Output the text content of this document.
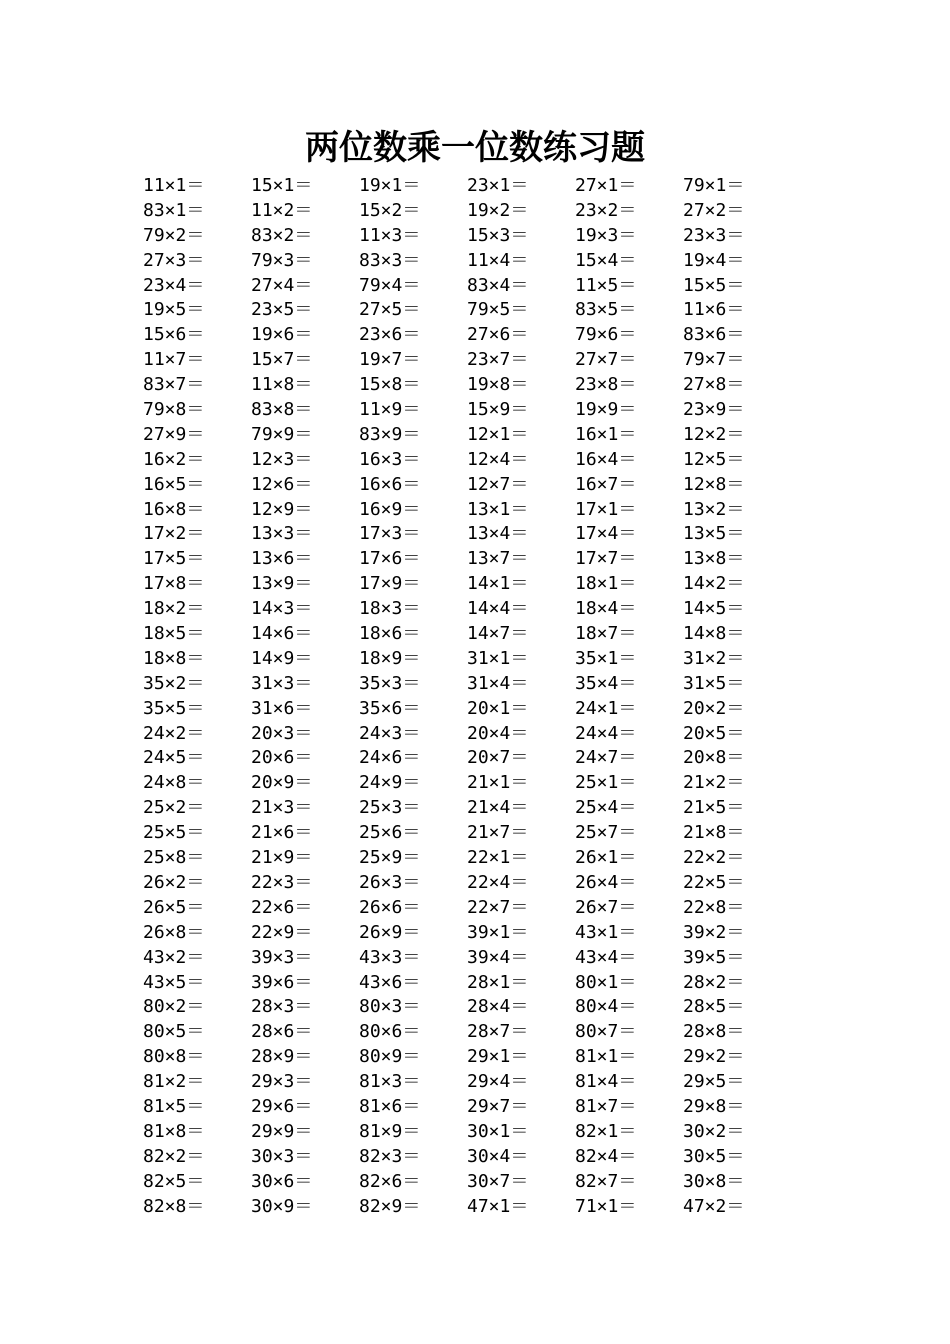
两位数乘一位数练习题
11×1＝	15×1＝	19×1＝	23×1＝	27×1＝	79×1＝
83×1＝	11×2＝	15×2＝	19×2＝	23×2＝	27×2＝
79×2＝	83×2＝	11×3＝	15×3＝	19×3＝	23×3＝
27×3＝	79×3＝	83×3＝	11×4＝	15×4＝	19×4＝
23×4＝	27×4＝	79×4＝	83×4＝	11×5＝	15×5＝
19×5＝	23×5＝	27×5＝	79×5＝	83×5＝	11×6＝
15×6＝	19×6＝	23×6＝	27×6＝	79×6＝	83×6＝
11×7＝	15×7＝	19×7＝	23×7＝	27×7＝	79×7＝
83×7＝	11×8＝	15×8＝	19×8＝	23×8＝	27×8＝
79×8＝	83×8＝	11×9＝	15×9＝	19×9＝	23×9＝
27×9＝	79×9＝	83×9＝	12×1＝	16×1＝	12×2＝
16×2＝	12×3＝	16×3＝	12×4＝	16×4＝	12×5＝
16×5＝	12×6＝	16×6＝	12×7＝	16×7＝	12×8＝
16×8＝	12×9＝	16×9＝	13×1＝	17×1＝	13×2＝
17×2＝	13×3＝	17×3＝	13×4＝	17×4＝	13×5＝
17×5＝	13×6＝	17×6＝	13×7＝	17×7＝	13×8＝
17×8＝	13×9＝	17×9＝	14×1＝	18×1＝	14×2＝
18×2＝	14×3＝	18×3＝	14×4＝	18×4＝	14×5＝
18×5＝	14×6＝	18×6＝	14×7＝	18×7＝	14×8＝
18×8＝	14×9＝	18×9＝	31×1＝	35×1＝	31×2＝
35×2＝	31×3＝	35×3＝	31×4＝	35×4＝	31×5＝
35×5＝	31×6＝	35×6＝	20×1＝	24×1＝	20×2＝
24×2＝	20×3＝	24×3＝	20×4＝	24×4＝	20×5＝
24×5＝	20×6＝	24×6＝	20×7＝	24×7＝	20×8＝
24×8＝	20×9＝	24×9＝	21×1＝	25×1＝	21×2＝
25×2＝	21×3＝	25×3＝	21×4＝	25×4＝	21×5＝
25×5＝	21×6＝	25×6＝	21×7＝	25×7＝	21×8＝
25×8＝	21×9＝	25×9＝	22×1＝	26×1＝	22×2＝
26×2＝	22×3＝	26×3＝	22×4＝	26×4＝	22×5＝
26×5＝	22×6＝	26×6＝	22×7＝	26×7＝	22×8＝
26×8＝	22×9＝	26×9＝	39×1＝	43×1＝	39×2＝
43×2＝	39×3＝	43×3＝	39×4＝	43×4＝	39×5＝
43×5＝	39×6＝	43×6＝	28×1＝	80×1＝	28×2＝
80×2＝	28×3＝	80×3＝	28×4＝	80×4＝	28×5＝
80×5＝	28×6＝	80×6＝	28×7＝	80×7＝	28×8＝
80×8＝	28×9＝	80×9＝	29×1＝	81×1＝	29×2＝
81×2＝	29×3＝	81×3＝	29×4＝	81×4＝	29×5＝
81×5＝	29×6＝	81×6＝	29×7＝	81×7＝	29×8＝
81×8＝	29×9＝	81×9＝	30×1＝	82×1＝	30×2＝
82×2＝	30×3＝	82×3＝	30×4＝	82×4＝	30×5＝
82×5＝	30×6＝	82×6＝	30×7＝	82×7＝	30×8＝
82×8＝	30×9＝	82×9＝	47×1＝	71×1＝	47×2＝
